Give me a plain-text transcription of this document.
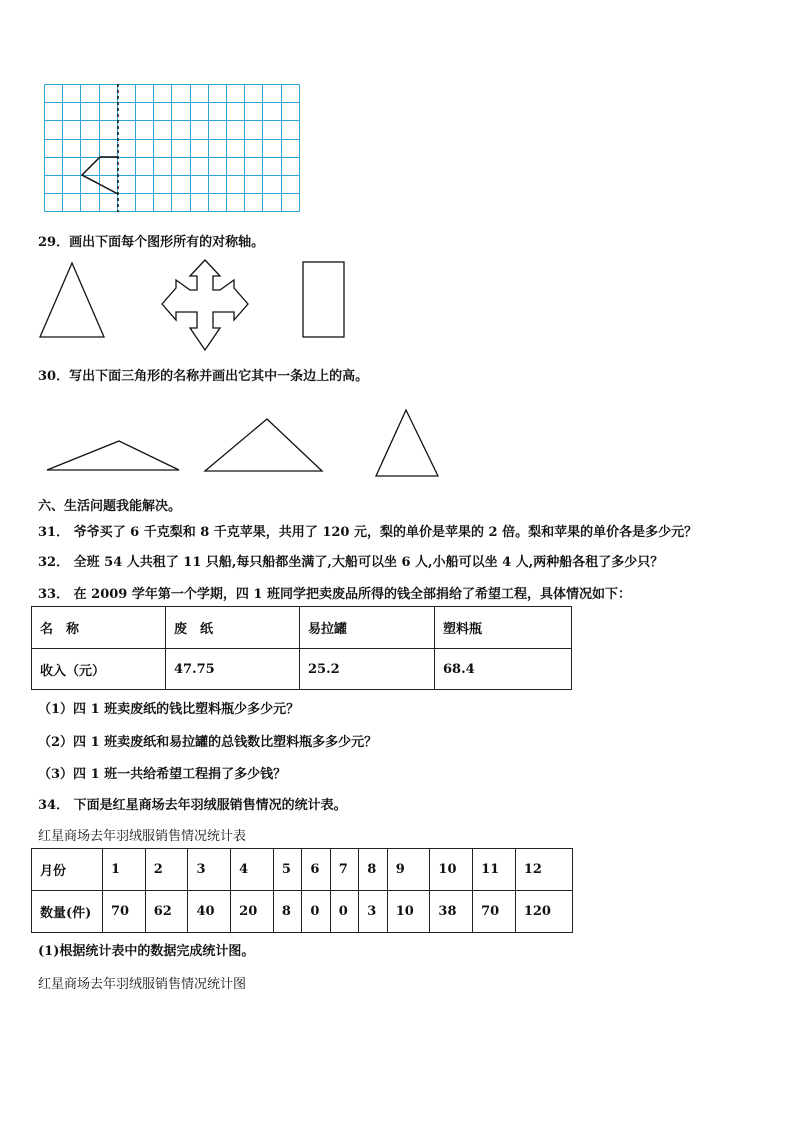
29．画出下面每个图形所有的对称轴。
30．写出下面三角形的名称并画出它其中一条边上的高。
六、生活问题我能解决。
31． 爷爷买了 6 千克梨和 8 千克苹果，共用了 120 元，梨的单价是苹果的 2 倍。梨和苹果的单价各是多少元？
32． 全班 54 人共租了 11 只船,每只船都坐满了,大船可以坐 6 人,小船可以坐 4 人,两种船各租了多少只？
33． 在 2009 学年第一个学期，四 1 班同学把卖废品所得的钱全部捐给了希望工程，具体情况如下：
名　称	废　纸	易拉罐	塑料瓶
收入（元）	47.75	25.2	68.4
（1）四 1 班卖废纸的钱比塑料瓶少多少元？
（2）四 1 班卖废纸和易拉罐的总钱数比塑料瓶多多少元？
（3）四 1 班一共给希望工程捐了多少钱？
34． 下面是红星商场去年羽绒服销售情况的统计表。
红星商场去年羽绒服销售情况统计表
月份	1	2	3	4	5	6	7	8	9	10	11	12
数量(件)	70	62	40	20	8	0	0	3	10	38	70	120
(1)根据统计表中的数据完成统计图。
红星商场去年羽绒服销售情况统计图
